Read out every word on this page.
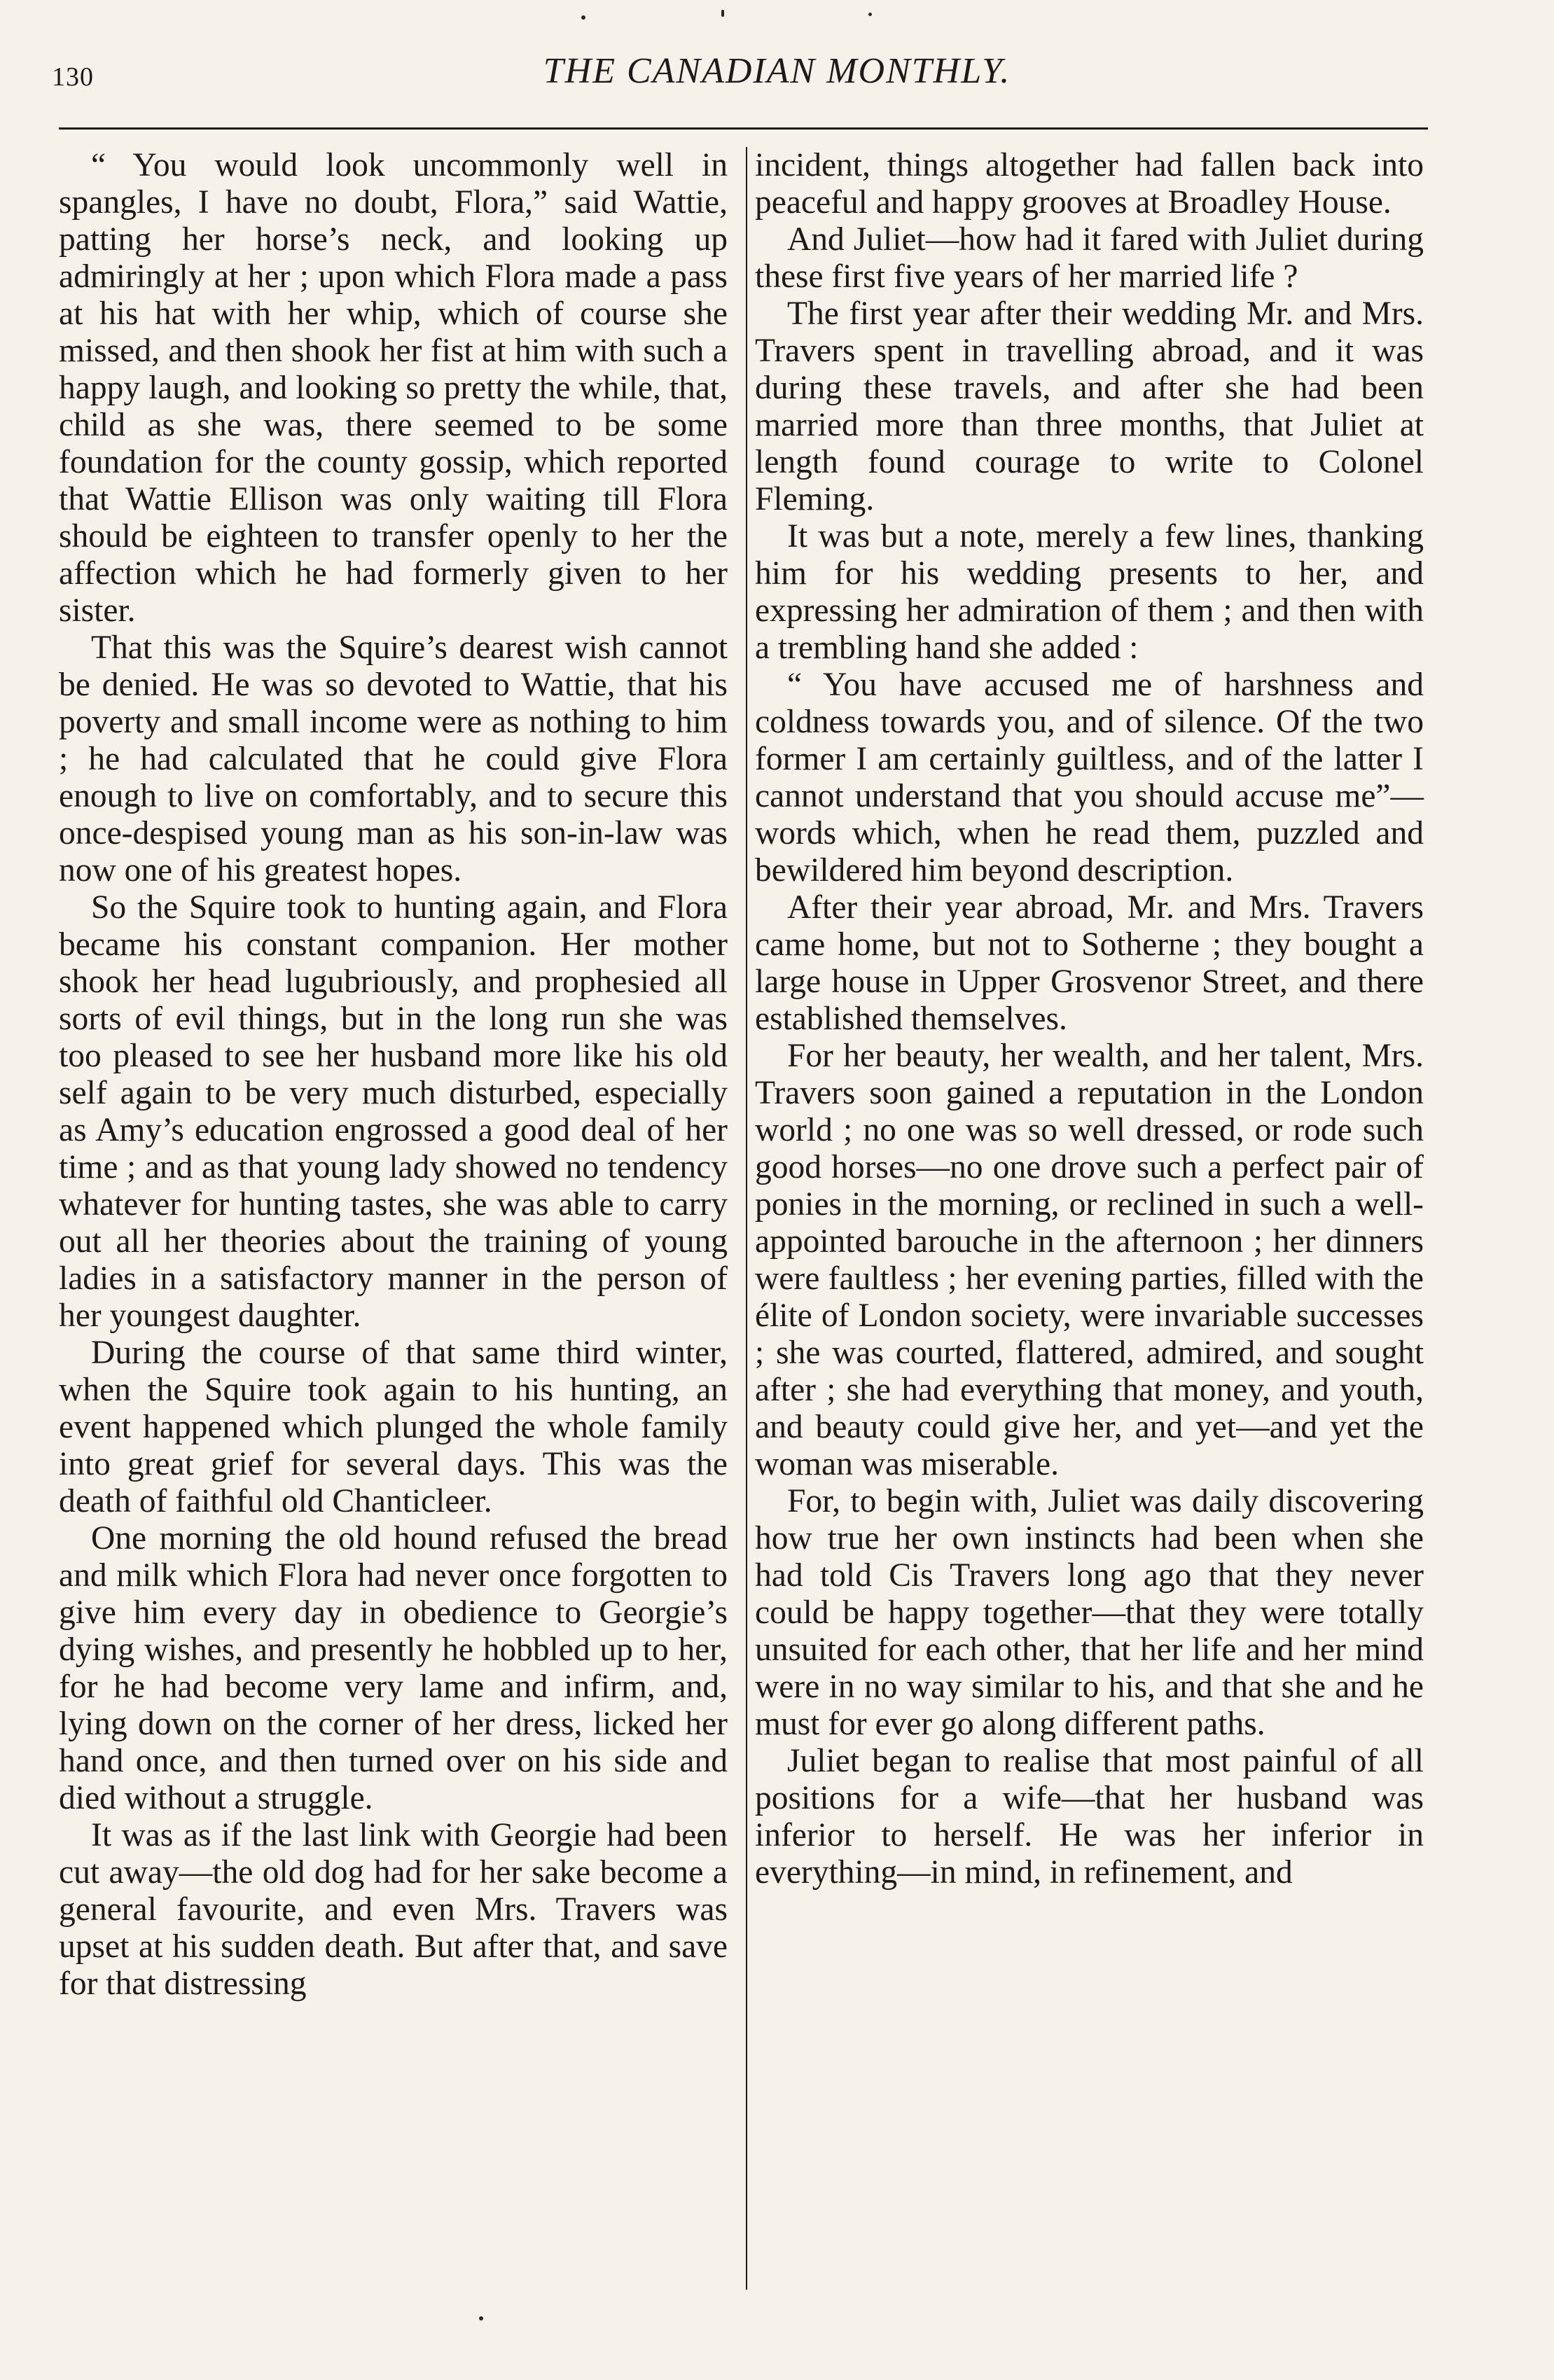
130	THE CANADIAN MONTHLY.

“ You would look uncommonly well in spangles, I have no doubt, Flora,” said Wattie, patting her horse’s neck, and looking up admiringly at her ; upon which Flora made a pass at his hat with her whip, which of course she missed, and then shook her fist at him with such a happy laugh, and looking so pretty the while, that, child as she was, there seemed to be some foundation for the county gossip, which reported that Wattie Ellison was only waiting till Flora should be eighteen to transfer openly to her the affection which he had formerly given to her sister.

That this was the Squire’s dearest wish cannot be denied. He was so devoted to Wattie, that his poverty and small income were as nothing to him ; he had calculated that he could give Flora enough to live on comfortably, and to secure this once-despised young man as his son-in-law was now one of his greatest hopes.

So the Squire took to hunting again, and Flora became his constant companion. Her mother shook her head lugubriously, and prophesied all sorts of evil things, but in the long run she was too pleased to see her husband more like his old self again to be very much disturbed, especially as Amy’s education engrossed a good deal of her time ; and as that young lady showed no tendency whatever for hunting tastes, she was able to carry out all her theories about the training of young ladies in a satisfactory manner in the person of her youngest daughter.

During the course of that same third winter, when the Squire took again to his hunting, an event happened which plunged the whole family into great grief for several days. This was the death of faithful old Chanticleer.

One morning the old hound refused the bread and milk which Flora had never once forgotten to give him every day in obedience to Georgie’s dying wishes, and presently he hobbled up to her, for he had become very lame and infirm, and, lying down on the corner of her dress, licked her hand once, and then turned over on his side and died without a struggle.

It was as if the last link with Georgie had been cut away—the old dog had for her sake become a general favourite, and even Mrs. Travers was upset at his sudden death. But after that, and save for that distressing

incident, things altogether had fallen back into peaceful and happy grooves at Broadley House.

And Juliet—how had it fared with Juliet during these first five years of her married life ?

The first year after their wedding Mr. and Mrs. Travers spent in travelling abroad, and it was during these travels, and after she had been married more than three months, that Juliet at length found courage to write to Colonel Fleming.

It was but a note, merely a few lines, thanking him for his wedding presents to her, and expressing her admiration of them ; and then with a trembling hand she added :

“ You have accused me of harshness and coldness towards you, and of silence. Of the two former I am certainly guiltless, and of the latter I cannot understand that you should accuse me”—words which, when he read them, puzzled and bewildered him beyond description.

After their year abroad, Mr. and Mrs. Travers came home, but not to Sotherne ; they bought a large house in Upper Grosvenor Street, and there established themselves.

For her beauty, her wealth, and her talent, Mrs. Travers soon gained a reputation in the London world ; no one was so well dressed, or rode such good horses—no one drove such a perfect pair of ponies in the morning, or reclined in such a well-appointed barouche in the afternoon ; her dinners were faultless ; her evening parties, filled with the élite of London society, were invariable successes ; she was courted, flattered, admired, and sought after ; she had everything that money, and youth, and beauty could give her, and yet—and yet the woman was miserable.

For, to begin with, Juliet was daily discovering how true her own instincts had been when she had told Cis Travers long ago that they never could be happy together—that they were totally unsuited for each other, that her life and her mind were in no way similar to his, and that she and he must for ever go along different paths.

Juliet began to realise that most painful of all positions for a wife—that her husband was inferior to herself. He was her inferior in everything—in mind, in refinement, and
